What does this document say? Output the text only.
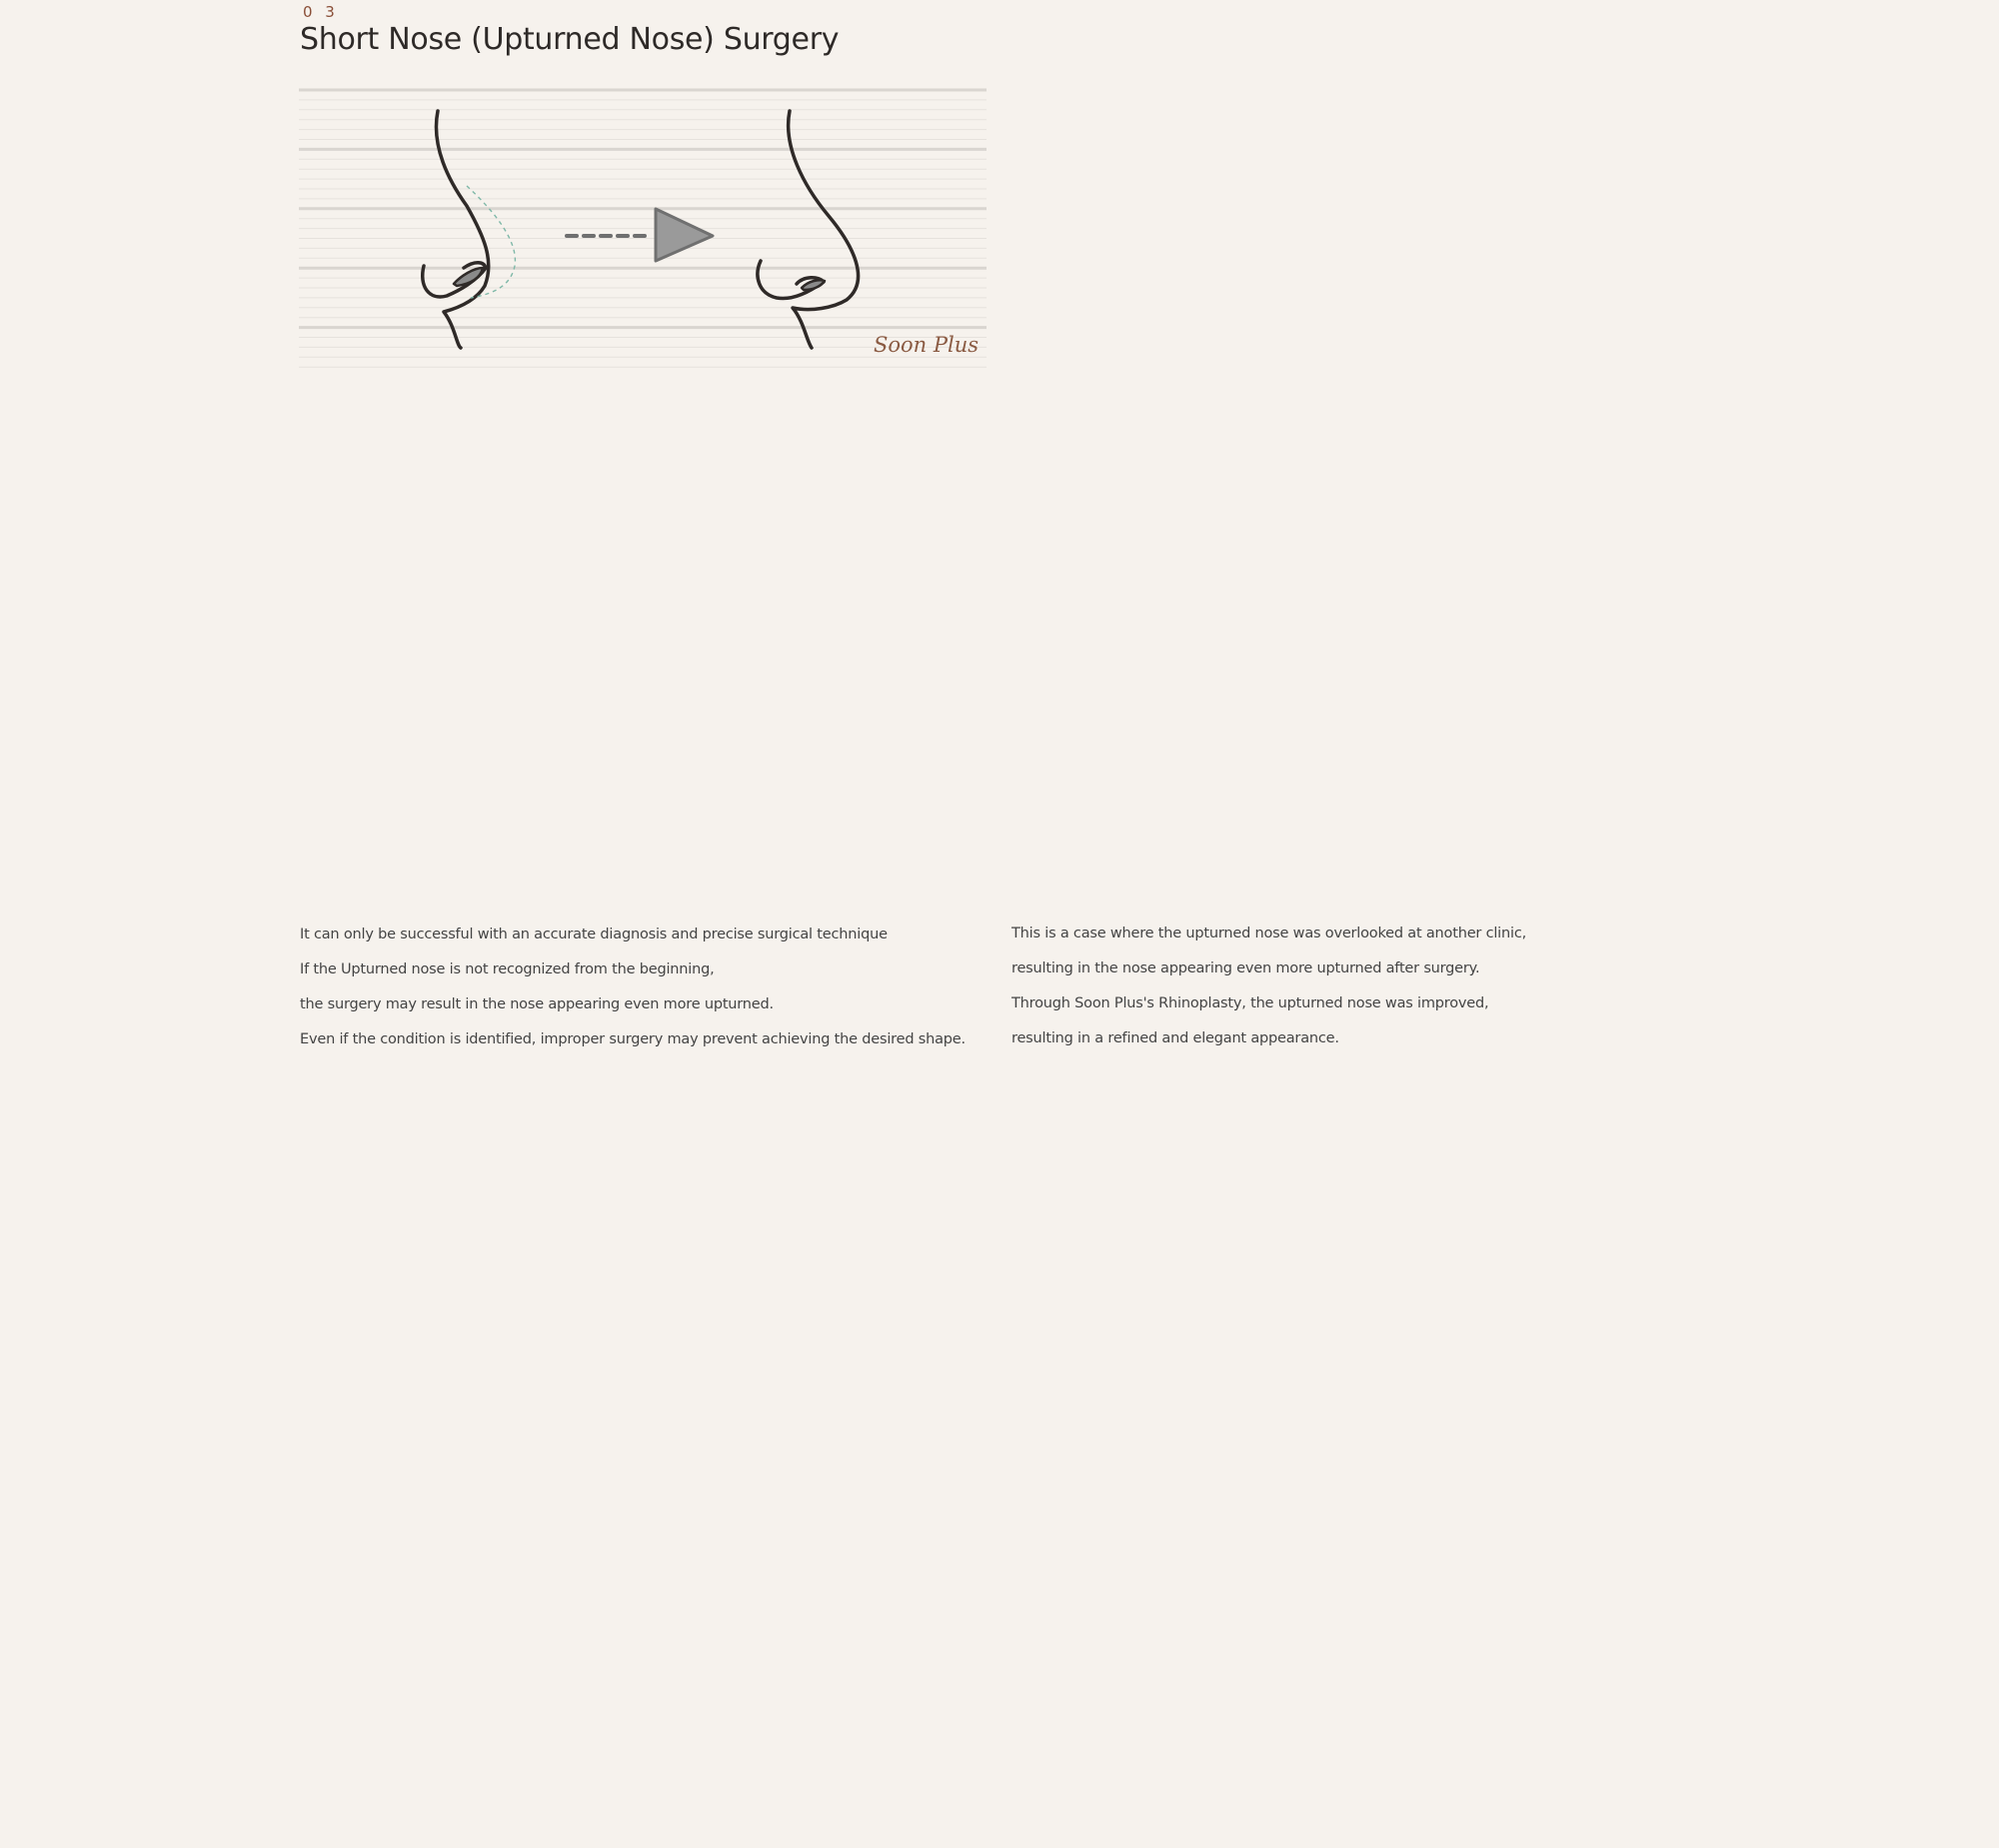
0 3
Short Nose (Upturned Nose) Surgery
Soon Plus

It can only be successful with an accurate diagnosis and precise surgical technique

If the Upturned nose is not recognized from the beginning,

the surgery may result in the nose appearing even more upturned.

Even if the condition is identified, improper surgery may prevent achieving the desired shape.

This is a case where the upturned nose was overlooked at another clinic,

resulting in the nose appearing even more upturned after surgery.

Through Soon Plus's Rhinoplasty, the upturned nose was improved,

resulting in a refined and elegant appearance.
